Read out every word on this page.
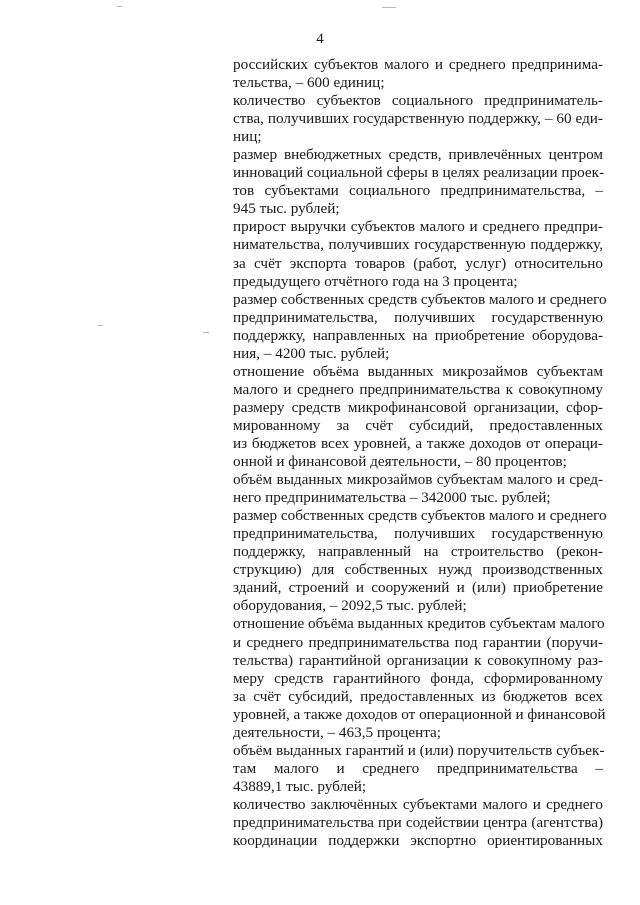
4
российских субъектов малого и среднего предпринима-
тельства, – 600 единиц;
количество субъектов социального предприниматель-
ства, получивших государственную поддержку, – 60 еди-
ниц;
размер внебюджетных средств, привлечённых центром
инноваций социальной сферы в целях реализации проек-
тов субъектами социального предпринимательства, –
945 тыс. рублей;
прирост выручки субъектов малого и среднего предпри-
нимательства, получивших государственную поддержку,
за счёт экспорта товаров (работ, услуг) относительно
предыдущего отчётного года на 3 процента;
размер собственных средств субъектов малого и среднего
предпринимательства, получивших государственную
поддержку, направленных на приобретение оборудова-
ния, – 4200 тыс. рублей;
отношение объёма выданных микрозаймов субъектам
малого и среднего предпринимательства к совокупному
размеру средств микрофинансовой организации, сфор-
мированному за счёт субсидий, предоставленных
из бюджетов всех уровней, а также доходов от операци-
онной и финансовой деятельности, – 80 процентов;
объём выданных микрозаймов субъектам малого и сред-
него предпринимательства – 342000 тыс. рублей;
размер собственных средств субъектов малого и среднего
предпринимательства, получивших государственную
поддержку, направленный на строительство (рекон-
струкцию) для собственных нужд производственных
зданий, строений и сооружений и (или) приобретение
оборудования, – 2092,5 тыс. рублей;
отношение объёма выданных кредитов субъектам малого
и среднего предпринимательства под гарантии (поручи-
тельства) гарантийной организации к совокупному раз-
меру средств гарантийного фонда, сформированному
за счёт субсидий, предоставленных из бюджетов всех
уровней, а также доходов от операционной и финансовой
деятельности, – 463,5 процента;
объём выданных гарантий и (или) поручительств субъек-
там малого и среднего предпринимательства –
43889,1 тыс. рублей;
количество заключённых субъектами малого и среднего
предпринимательства при содействии центра (агентства)
координации поддержки экспортно ориентированных
